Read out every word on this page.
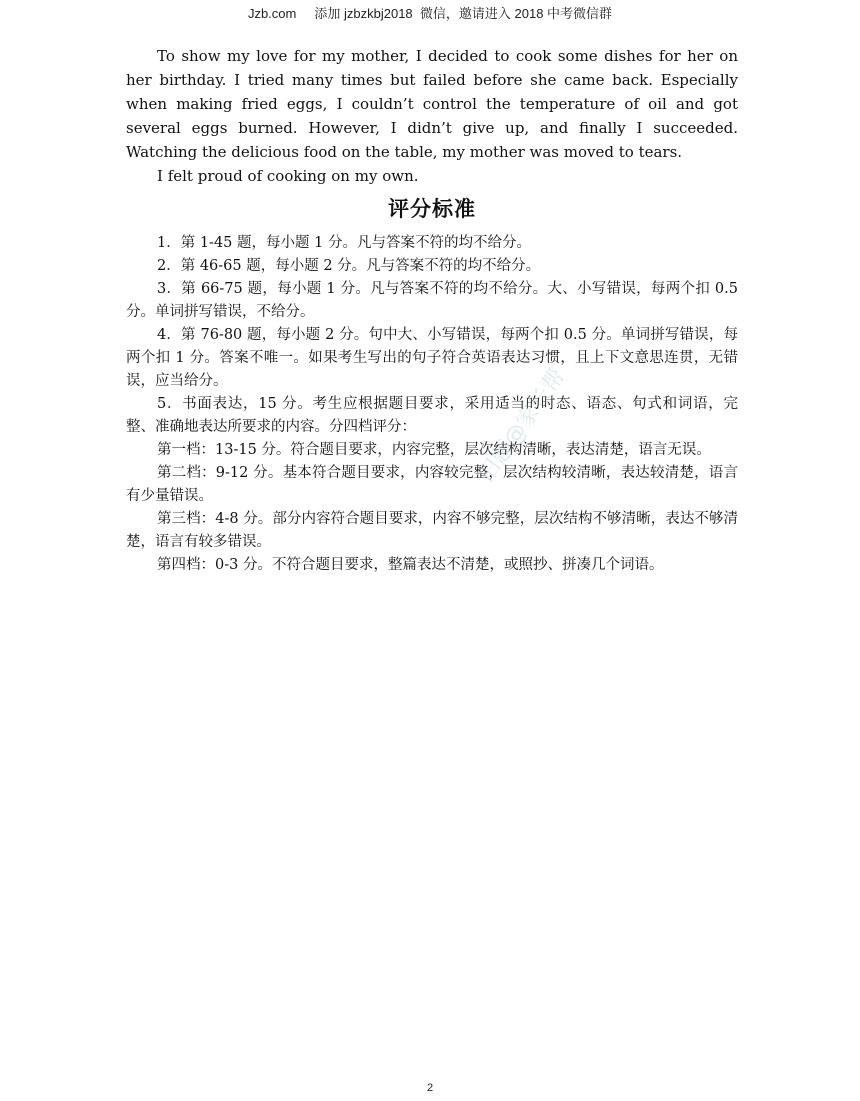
Jzb.com     添加 jzbzkbj2018  微信，邀请进入 2018 中考微信群

To show my love for my mother, I decided to cook some dishes for her on her birthday. I tried many times but failed before she came back. Especially when making fried eggs, I couldn’t control the temperature of oil and got several eggs burned. However, I didn’t give up, and finally I succeeded. Watching the delicious food on the table, my mother was moved to tears.

I felt proud of cooking on my own.

评分标准

1．第 1-45 题，每小题 1 分。凡与答案不符的均不给分。

2．第 46-65 题，每小题 2 分。凡与答案不符的均不给分。

3．第 66-75 题，每小题 1 分。凡与答案不符的均不给分。大、小写错误，每两个扣 0.5 分。单词拼写错误，不给分。

4．第 76-80 题，每小题 2 分。句中大、小写错误，每两个扣 0.5 分。单词拼写错误，每两个扣 1 分。答案不唯一。如果考生写出的句子符合英语表达习惯，且上下文意思连贯，无错误，应当给分。

5．书面表达，15 分。考生应根据题目要求，采用适当的时态、语态、句式和词语，完整、准确地表达所要求的内容。分四档评分：

第一档：13-15 分。符合题目要求，内容完整，层次结构清晰，表达清楚，语言无误。

第二档：9-12 分。基本符合题目要求，内容较完整，层次结构较清晰，表达较清楚，语言有少量错误。

第三档：4-8 分。部分内容符合题目要求，内容不够完整，层次结构不够清晰，表达不够清楚，语言有较多错误。

第四档：0-3 分。不符合题目要求，整篇表达不清楚，或照抄、拼凑几个词语。

旧题@家长帮
2
